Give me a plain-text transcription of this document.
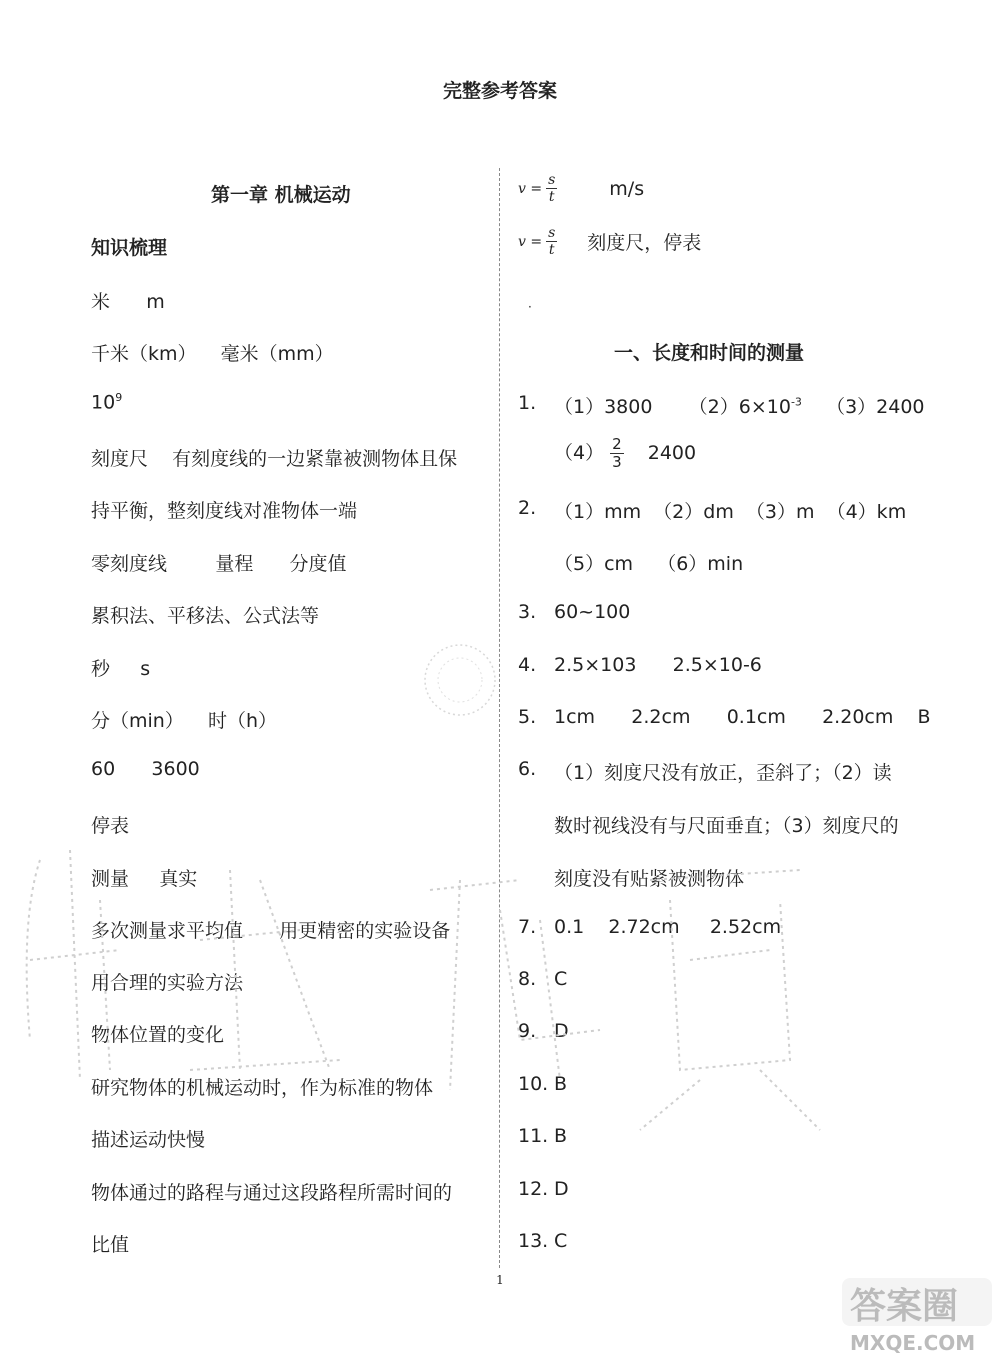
完整参考答案
第一章 机械运动
知识梳理
米      m
千米（km）    毫米（mm）
$10^9$
刻度尺    有刻度线的一边紧靠被测物体且保
持平衡，整刻度线对准物体一端
零刻度线        量程      分度值
累积法、平移法、公式法等
秒     s
分（min）    时（h）
60      3600
停表
测量     真实
多次测量求平均值      用更精密的实验设备
用合理的实验方法
物体位置的变化
研究物体的机械运动时，作为标准的物体
描述运动快慢
物体通过的路程与通过这段路程所需时间的
比值
$v = \frac{s}{t}$	m/s
$v = \frac{s}{t}$ 刻度尺，停表
·
一、长度和时间的测量
1. （1）3800      $(2)6\times 10^{-3}$    （3）2400
$(4) \frac{2}{3} 2400$
2. （1）mm  （2）dm  （3）m  （4）km
（5）cm    （6）min
3. 60~100
4. 2.5×103      2.5×10-6
5. 1cm      2.2cm      0.1cm      2.20cm    B
6. （1）刻度尺没有放正，歪斜了；（2）读
数时视线没有与尺面垂直；（3）刻度尺的
刻度没有贴紧被测物体
7. 0.1    2.72cm     2.52cm
8. C
9. D
10. B
11. B
12. D
13. C
1
答案圈
MXQE.COM
